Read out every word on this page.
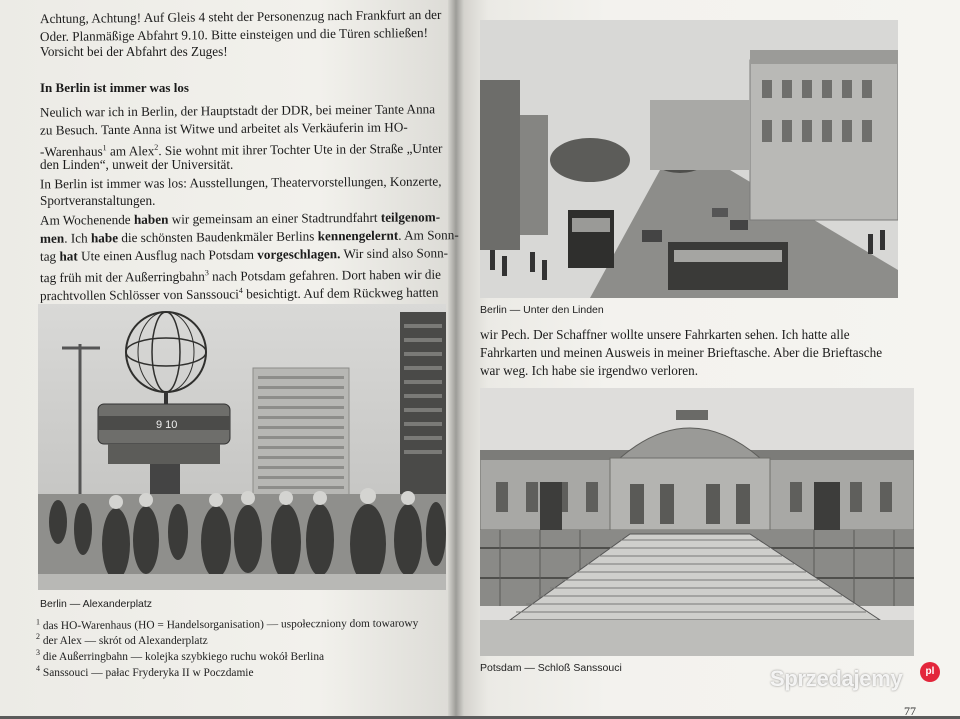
Achtung, Achtung! Auf Gleis 4 steht der Personenzug nach Frankfurt an der
Oder. Planmäßige Abfahrt 9.10. Bitte einsteigen und die Türen schließen!
Vorsicht bei der Abfahrt des Zuges!
In Berlin ist immer was los
Neulich war ich in Berlin, der Hauptstadt der DDR, bei meiner Tante Anna
zu Besuch. Tante Anna ist Witwe und arbeitet als Verkäuferin im HO-
-Warenhaus$^1$ am Alex$^2$. Sie wohnt mit ihrer Tochter Ute in der Straße „Unter
den Linden“, unweit der Universität.
In Berlin ist immer was los: Ausstellungen, Theatervorstellungen, Konzerte,
Sportveranstaltungen.
Am Wochenende haben wir gemeinsam an einer Stadtrundfahrt teilgenom-
men. Ich habe die schönsten Baudenkmäler Berlins kennengelernt. Am Sonn-
tag hat Ute einen Ausflug nach Potsdam vorgeschlagen. Wir sind also Sonn-
tag früh mit der Außerringbahn$^3$ nach Potsdam gefahren. Dort haben wir die
prachtvollen Schlösser von Sanssouci$^4$ besichtigt. Auf dem Rückweg hatten
9 10
Berlin — Alexanderplatz
$^1$ das HO-Warenhaus (HO = Handelsorganisation) — uspołeczniony dom towarowy
$^2$ der Alex — skrót od Alexanderplatz
$^3$ die Außerringbahn — kolejka szybkiego ruchu wokół Berlina
$^4$ Sanssouci — pałac Fryderyka II w Poczdamie
Berlin — Unter den Linden
wir Pech. Der Schaffner wollte unsere Fahrkarten sehen. Ich hatte alle
Fahrkarten und meinen Ausweis in meiner Brieftasche. Aber die Brieftasche
war weg. Ich habe sie irgendwo verloren.
Potsdam — Schloß Sanssouci
77
Sprzedajemy	pl
